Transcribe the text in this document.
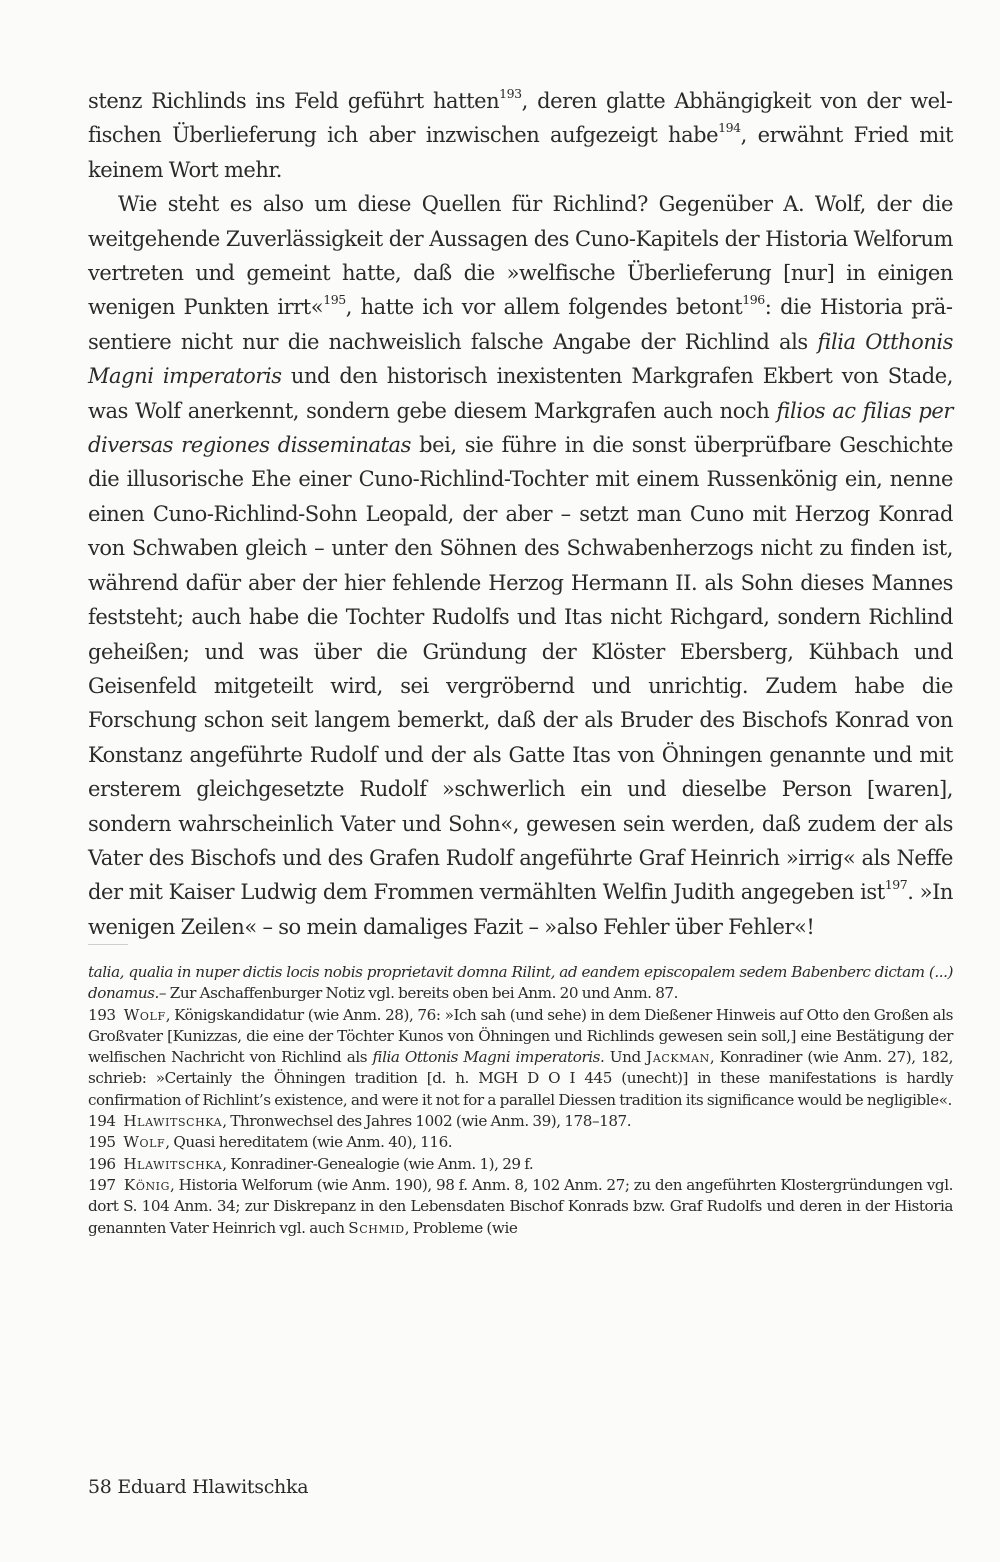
stenz Richlinds ins Feld geführt hatten$^{193}$, deren glatte Abhängigkeit von der welfischen Überlieferung ich aber inzwischen aufgezeigt habe$^{194}$, erwähnt Fried mit keinem Wort mehr.

Wie steht es also um diese Quellen für Richlind? Gegenüber A. Wolf, der die weitgehende Zuverlässigkeit der Aussagen des Cuno-Kapitels der Historia Welforum vertreten und gemeint hatte, daß die »welfische Überlieferung [nur] in einigen wenigen Punkten irrt«$^{195}$, hatte ich vor allem folgendes betont$^{196}$: die Historia präsentiere nicht nur die nachweislich falsche Angabe der Richlind als filia Otthonis Magni imperatoris und den historisch inexistenten Markgrafen Ekbert von Stade, was Wolf anerkennt, sondern gebe diesem Markgrafen auch noch filios ac filias per diversas regiones disseminatas bei, sie führe in die sonst überprüfbare Geschichte die illusorische Ehe einer Cuno-Richlind-Tochter mit einem Russenkönig ein, nenne einen Cuno-Richlind-Sohn Leopald, der aber – setzt man Cuno mit Herzog Konrad von Schwaben gleich – unter den Söhnen des Schwabenherzogs nicht zu finden ist, während dafür aber der hier fehlende Herzog Hermann II. als Sohn dieses Mannes feststeht; auch habe die Tochter Rudolfs und Itas nicht Richgard, sondern Richlind geheißen; und was über die Gründung der Klöster Ebersberg, Kühbach und Geisenfeld mitgeteilt wird, sei vergröbernd und unrichtig. Zudem habe die Forschung schon seit langem bemerkt, daß der als Bruder des Bischofs Konrad von Konstanz angeführte Rudolf und der als Gatte Itas von Öhningen genannte und mit ersterem gleichgesetzte Rudolf »schwerlich ein und dieselbe Person [waren], sondern wahrscheinlich Vater und Sohn«, gewesen sein werden, daß zudem der als Vater des Bischofs und des Grafen Rudolf angeführte Graf Heinrich »irrig« als Neffe der mit Kaiser Ludwig dem Frommen vermählten Welfin Judith angegeben ist$^{197}$. »In wenigen Zeilen« – so mein damaliges Fazit – »also Fehler über Fehler«!

talia, qualia in nuper dictis locis nobis proprietavit domna Rilint, ad eandem episcopalem sedem Babenberc dictam (...) donamus.– Zur Aschaffenburger Notiz vgl. bereits oben bei Anm. 20 und Anm. 87.

193 Wolf, Königskandidatur (wie Anm. 28), 76: »Ich sah (und sehe) in dem Dießener Hinweis auf Otto den Großen als Großvater [Kunizzas, die eine der Töchter Kunos von Öhningen und Richlinds gewesen sein soll,] eine Bestätigung der welfischen Nachricht von Richlind als filia Ottonis Magni imperatoris. Und Jackman, Konradiner (wie Anm. 27), 182, schrieb: »Certainly the Öhningen tradition [d. h. MGH D O I 445 (unecht)] in these manifestations is hardly confirmation of Richlint’s existence, and were it not for a parallel Diessen tradition its significance would be negligible«.

194 Hlawitschka, Thronwechsel des Jahres 1002 (wie Anm. 39), 178–187.

195 Wolf, Quasi hereditatem (wie Anm. 40), 116.

196 Hlawitschka, Konradiner-Genealogie (wie Anm. 1), 29 f.

197 König, Historia Welforum (wie Anm. 190), 98 f. Anm. 8, 102 Anm. 27; zu den angeführten Klostergründungen vgl. dort S. 104 Anm. 34; zur Diskrepanz in den Lebensdaten Bischof Konrads bzw. Graf Rudolfs und deren in der Historia genannten Vater Heinrich vgl. auch Schmid, Probleme (wie

58 Eduard Hlawitschka
